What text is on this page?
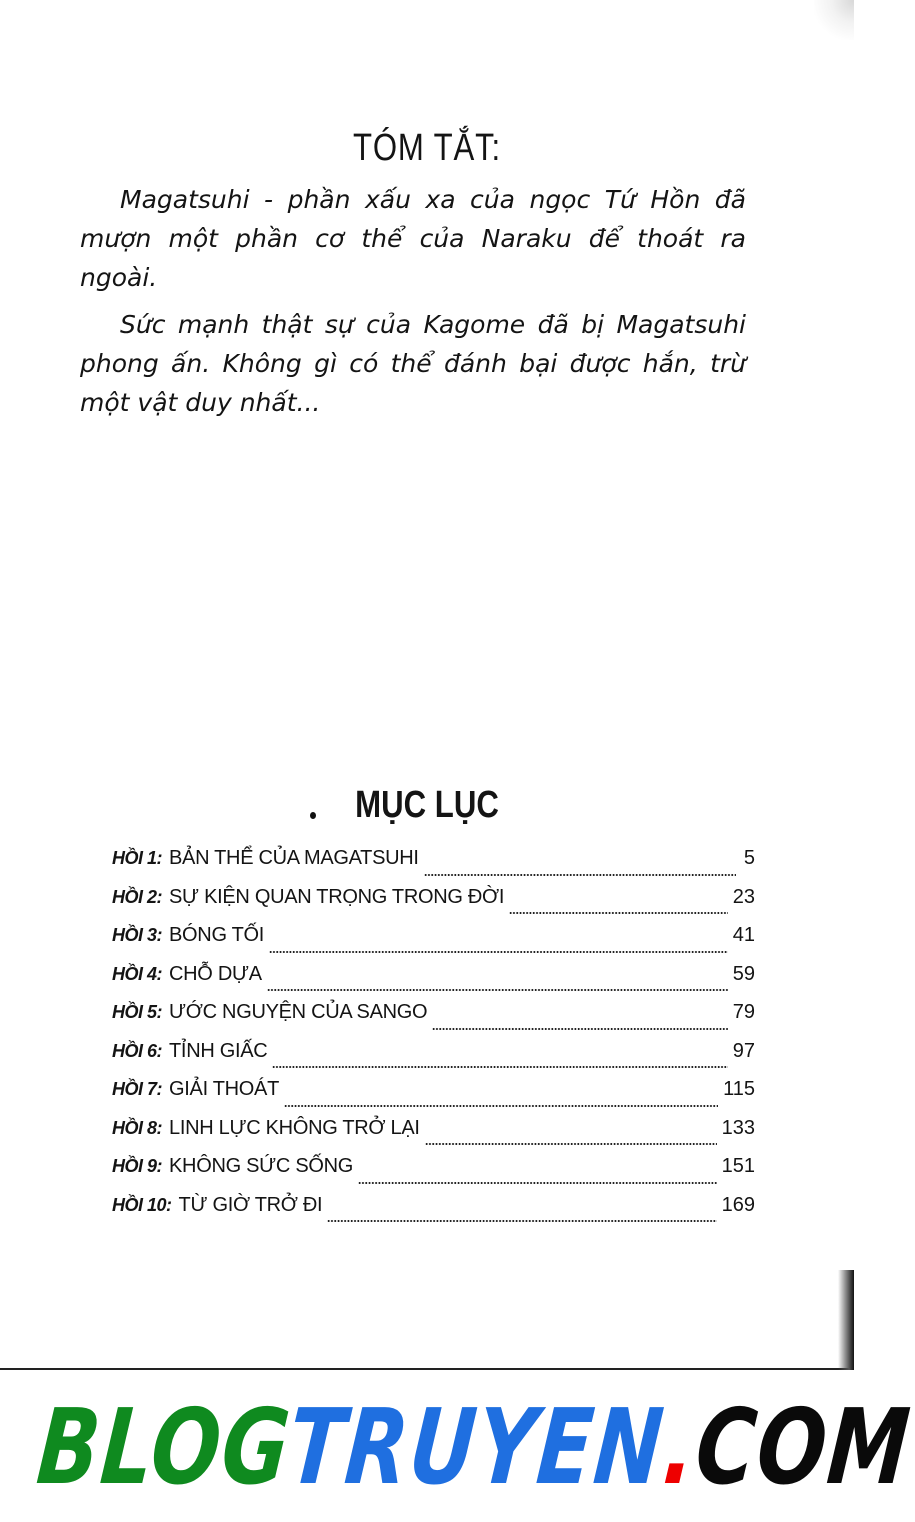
TÓM TẮT:

Magatsuhi - phần xấu xa của ngọc Tứ Hồn đã mượn một phần cơ thể của Naraku để thoát ra ngoài.

Sức mạnh thật sự của Kagome đã bị Magatsuhi phong ấn. Không gì có thể đánh bại được hắn, trừ một vật duy nhất...

MỤC LỤC
HỒI 1: BẢN THỂ CỦA MAGATSUHI	5
HỒI 2: SỰ KIỆN QUAN TRỌNG TRONG ĐỜI	23
HỒI 3: BÓNG TỐI	41
HỒI 4: CHỖ DỰA	59
HỒI 5: ƯỚC NGUYỆN CỦA SANGO	79
HỒI 6: TỈNH GIẤC	97
HỒI 7: GIẢI THOÁT	115
HỒI 8: LINH LỰC KHÔNG TRỞ LẠI	133
HỒI 9: KHÔNG SỨC SỐNG	151
HỒI 10: TỪ GIỜ TRỞ ĐI	169
BLOGTRUYEN.COM
